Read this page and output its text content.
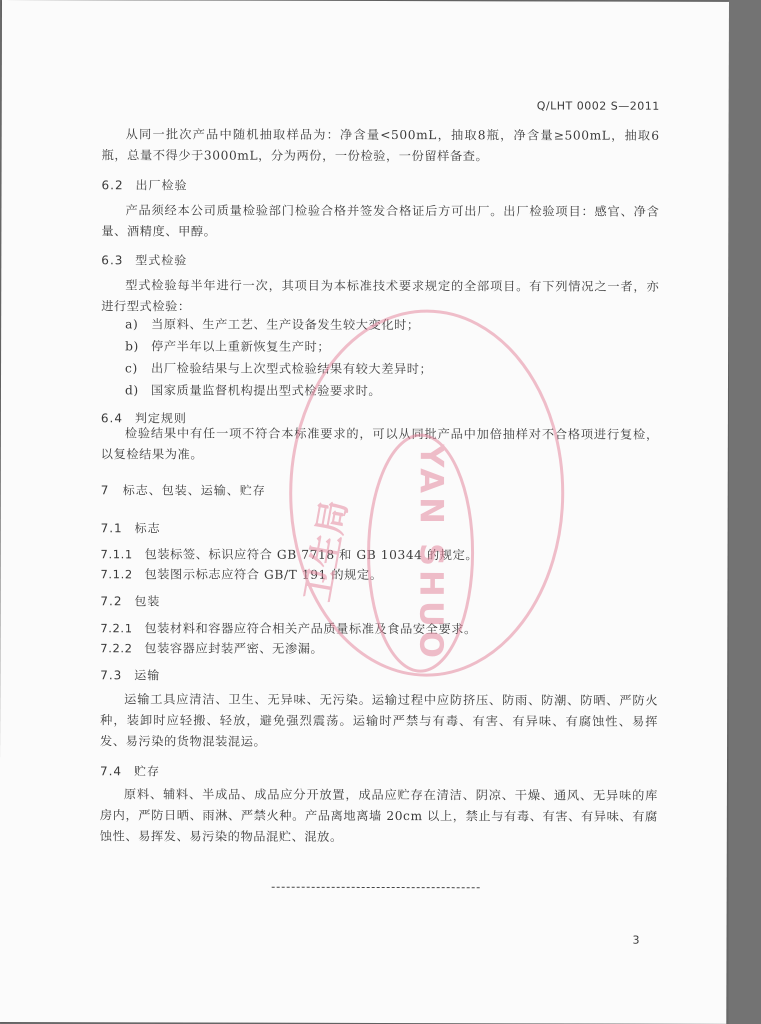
Q/LHT 0002 S—2011
从同一批次产品中随机抽取样品为：净含量<500mL，抽取8瓶，净含量≥500mL，抽取6瓶，总量不得少于3000mL，分为两份，一份检验，一份留样备查。
6.2 出厂检验
产品须经本公司质量检验部门检验合格并签发合格证后方可出厂。出厂检验项目：感官、净含量、酒精度、甲醇。
6.3 型式检验
型式检验每半年进行一次，其项目为本标准技术要求规定的全部项目。有下列情况之一者，亦进行型式检验：
a) 当原料、生产工艺、生产设备发生较大变化时；
b) 停产半年以上重新恢复生产时；
c) 出厂检验结果与上次型式检验结果有较大差异时；
d) 国家质量监督机构提出型式检验要求时。
6.4 判定规则
检验结果中有任一项不符合本标准要求的，可以从同批产品中加倍抽样对不合格项进行复检，以复检结果为准。
7 标志、包装、运输、贮存
7.1 标志
7.1.1 包装标签、标识应符合 GB 7718 和 GB 10344 的规定。
7.1.2 包装图示标志应符合 GB/T 191 的规定。
7.2 包装
7.2.1 包装材料和容器应符合相关产品质量标准及食品安全要求。
7.2.2 包装容器应封装严密、无渗漏。
7.3 运输
运输工具应清洁、卫生、无异味、无污染。运输过程中应防挤压、防雨、防潮、防晒、严防火种，装卸时应轻搬、轻放，避免强烈震荡。运输时严禁与有毒、有害、有异味、有腐蚀性、易挥发、易污染的货物混装混运。
7.4 贮存
原料、辅料、半成品、成品应分开放置，成品应贮存在清洁、阴凉、干燥、通风、无异味的库房内，严防日晒、雨淋、严禁火种。产品离地离墙 20cm 以上，禁止与有毒、有害、有异味、有腐蚀性、易挥发、易污染的物品混贮、混放。
3
YAN SHUO
卫生局
